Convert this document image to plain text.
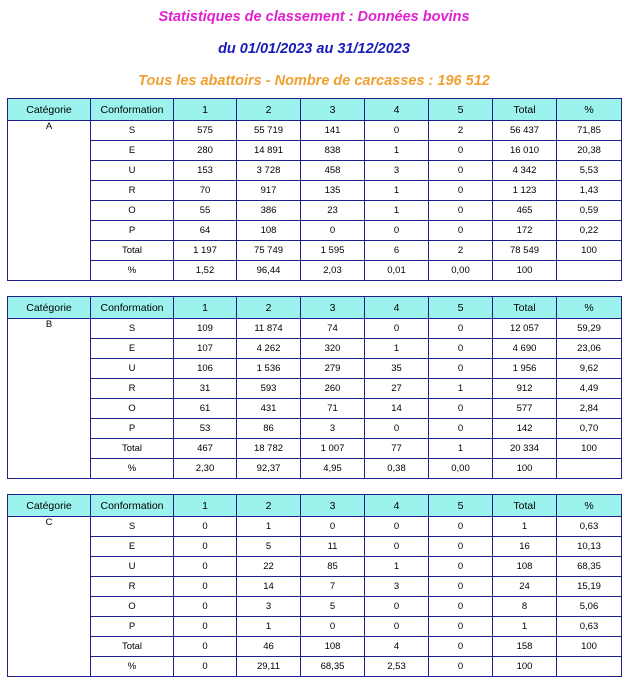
Statistiques de classement : Données bovins
du 01/01/2023 au 31/12/2023
Tous les abattoirs - Nombre de carcasses : 196 512
Catégorie	Conformation	1	2	3	4	5	Total	%
A	S	575	55 719	141	0	2	56 437	71,85
	E	280	14 891	838	1	0	16 010	20,38
	U	153	3 728	458	3	0	4 342	5,53
	R	70	917	135	1	0	1 123	1,43
	O	55	386	23	1	0	465	0,59
	P	64	108	0	0	0	172	0,22
	Total	1 197	75 749	1 595	6	2	78 549	100
	%	1,52	96,44	2,03	0,01	0,00	100	
Catégorie	Conformation	1	2	3	4	5	Total	%
B	S	109	11 874	74	0	0	12 057	59,29
	E	107	4 262	320	1	0	4 690	23,06
	U	106	1 536	279	35	0	1 956	9,62
	R	31	593	260	27	1	912	4,49
	O	61	431	71	14	0	577	2,84
	P	53	86	3	0	0	142	0,70
	Total	467	18 782	1 007	77	1	20 334	100
	%	2,30	92,37	4,95	0,38	0,00	100	
Catégorie	Conformation	1	2	3	4	5	Total	%
C	S	0	1	0	0	0	1	0,63
	E	0	5	11	0	0	16	10,13
	U	0	22	85	1	0	108	68,35
	R	0	14	7	3	0	24	15,19
	O	0	3	5	0	0	8	5,06
	P	0	1	0	0	0	1	0,63
	Total	0	46	108	4	0	158	100
	%	0	29,11	68,35	2,53	0	100	
